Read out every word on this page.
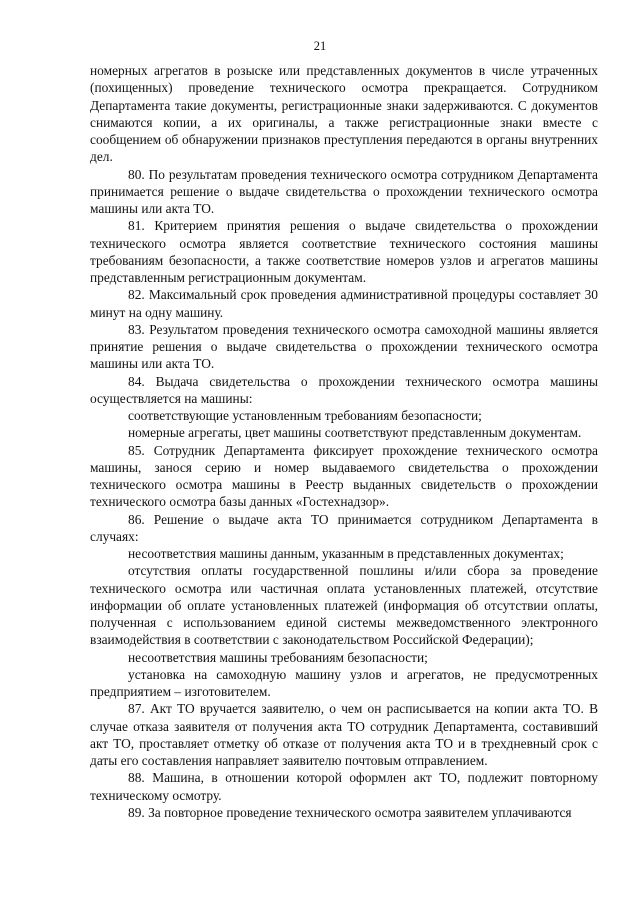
21

номерных агрегатов в розыске или представленных документов в числе утраченных (похищенных) проведение технического осмотра прекращается. Сотрудником Департамента такие документы, регистрационные знаки задерживаются. С документов снимаются копии, а их оригиналы, а также регистрационные знаки вместе с сообщением об обнаружении признаков преступления передаются в органы внутренних дел.

80. По результатам проведения технического осмотра сотрудником Департамента принимается решение о выдаче свидетельства о прохождении технического осмотра машины или акта ТО.

81. Критерием принятия решения о выдаче свидетельства о прохождении технического осмотра является соответствие технического состояния машины требованиям безопасности, а также соответствие номеров узлов и агрегатов машины представленным регистрационным документам.

82. Максимальный срок проведения административной процедуры составляет 30 минут на одну машину.

83. Результатом проведения технического осмотра самоходной машины является принятие решения о выдаче свидетельства о прохождении технического осмотра машины или акта ТО.

84. Выдача свидетельства о прохождении технического осмотра машины осуществляется на машины:

соответствующие установленным требованиям безопасности;

номерные агрегаты, цвет машины соответствуют представленным документам.

85. Сотрудник Департамента фиксирует прохождение технического осмотра машины, занося серию и номер выдаваемого свидетельства о прохождении технического осмотра машины в Реестр выданных свидетельств о прохождении технического осмотра базы данных «Гостехнадзор».

86. Решение о выдаче акта ТО принимается сотрудником Департамента в случаях:

несоответствия машины данным, указанным в представленных документах;

отсутствия оплаты государственной пошлины и/или сбора за проведение технического осмотра или частичная оплата установленных платежей, отсутствие информации об оплате установленных платежей (информация об отсутствии оплаты, полученная с использованием единой системы межведомственного электронного взаимодействия в соответствии с законодательством Российской Федерации);

несоответствия машины требованиям безопасности;

установка на самоходную машину узлов и агрегатов, не предусмотренных предприятием – изготовителем.

87. Акт ТО вручается заявителю, о чем он расписывается на копии акта ТО. В случае отказа заявителя от получения акта ТО сотрудник Департамента, составивший акт ТО, проставляет отметку об отказе от получения акта ТО и в трехдневный срок с даты его составления направляет заявителю почтовым отправлением.

88. Машина, в отношении которой оформлен акт ТО, подлежит повторному техническому осмотру.

89. За повторное проведение технического осмотра заявителем уплачиваются
